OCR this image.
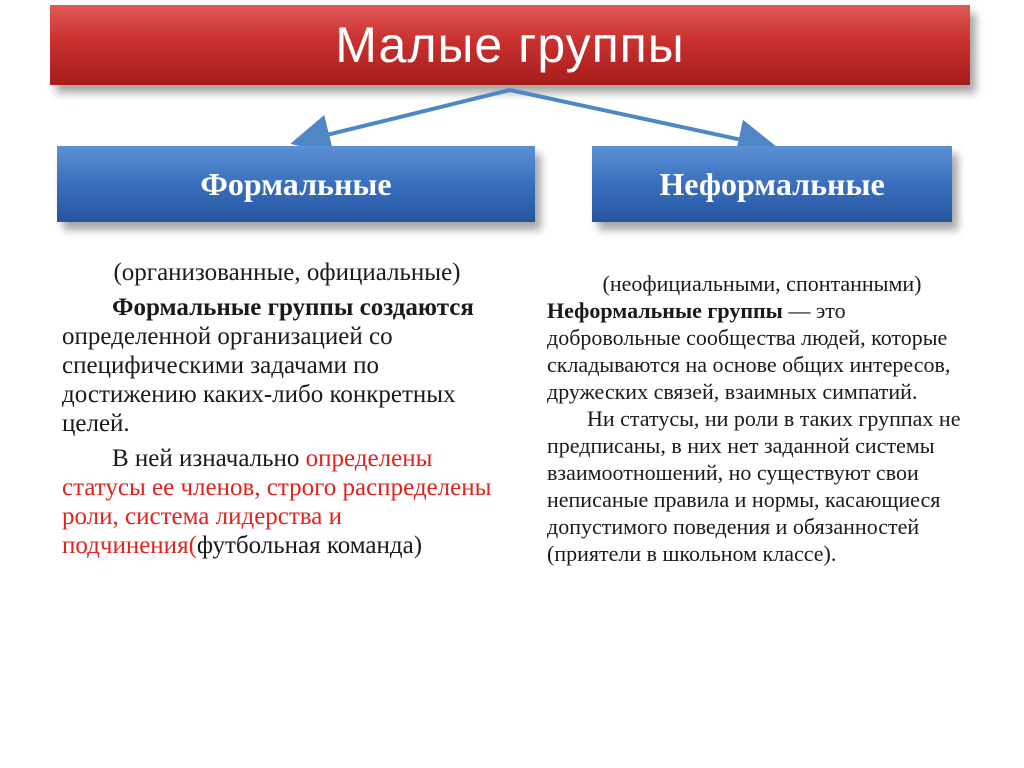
Малые группы
Формальные	Неформальные

(организованные, официальные)

Формальные группы создаются определенной организацией со специфическими задачами по достижению каких-либо конкретных целей.

В ней изначально определены статусы ее членов, строго распределены роли, система лидерства и подчинения(футбольная команда)

(неофициальными, спонтанными)

Неформальные группы — это добровольные сообщества людей, которые складываются на основе общих интересов, дружеских связей, взаимных симпатий.

Ни статусы, ни роли в таких группах не предписаны, в них нет заданной системы взаимоотношений, но существуют свои неписаные правила и нормы, касающиеся допустимого поведения и обязанностей (приятели в школьном классе).
